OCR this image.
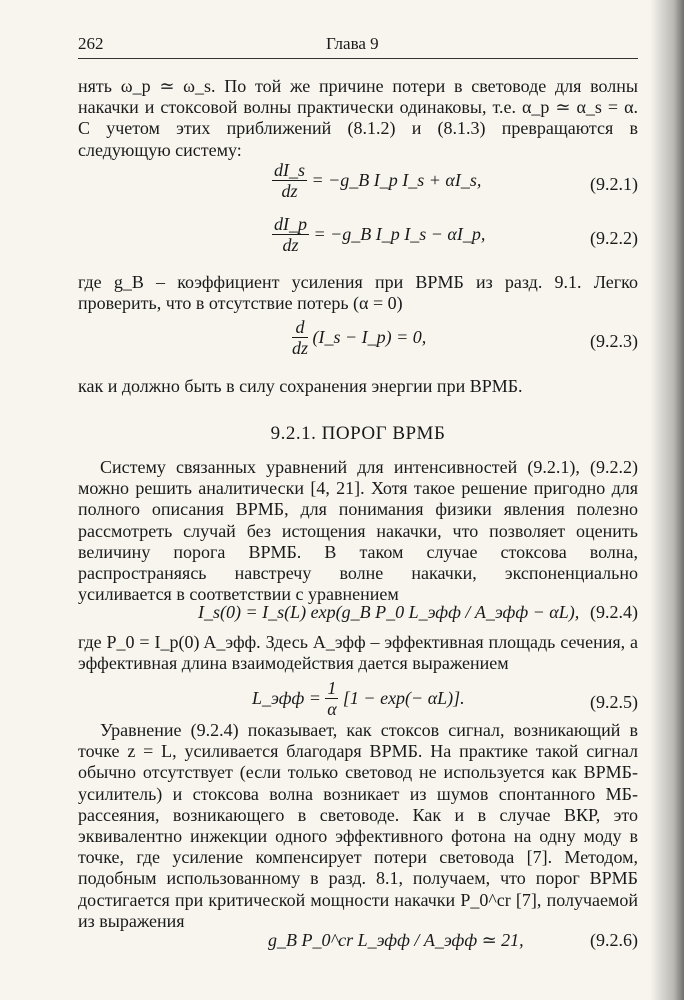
262	Глава 9

нять ω_p ≃ ω_s. По той же причине потери в световоде для волны накачки и стоксовой волны практически одинаковы, т.е. α_p ≃ α_s = α. С учетом этих приближений (8.1.2) и (8.1.3) превращаются в следующую систему:

$\frac{dI\_s}{dz}$ = −g_B I_p I_s + αI_s,	(9.2.1)
$\frac{dI\_p}{dz}$ = −g_B I_p I_s − αI_p,	(9.2.2)

где g_B – коэффициент усиления при ВРМБ из разд. 9.1. Легко проверить, что в отсутствие потерь (α = 0)

$\frac{d}{dz}$ (I_s − I_p) = 0,	(9.2.3)

как и должно быть в силу сохранения энергии при ВРМБ.

9.2.1. ПОРОГ ВРМБ

Систему связанных уравнений для интенсивностей (9.2.1), (9.2.2) можно решить аналитически [4, 21]. Хотя такое решение пригодно для полного описания ВРМБ, для понимания физики явления полезно рассмотреть случай без истощения накачки, что позволяет оценить величину порога ВРМБ. В таком случае стоксова волна, распространяясь навстречу волне накачки, экспоненциально усиливается в соответствии с уравнением

I_s(0) = I_s(L) exp(g_B P_0 L_эфф / A_эфф − αL), (9.2.4)

где P_0 = I_p(0) A_эфф. Здесь A_эфф – эффективная площадь сечения, а эффективная длина взаимодействия дается выражением

L_эфф = $\frac{1}{\alpha} [1 - \exp(- \alpha L)]$.	(9.2.5)

Уравнение (9.2.4) показывает, как стоксов сигнал, возникающий в точке z = L, усиливается благодаря ВРМБ. На практике такой сигнал обычно отсутствует (если только световод не используется как ВРМБ-усилитель) и стоксова волна возникает из шумов спонтанного МБ-рассеяния, возникающего в световоде. Как и в случае ВКР, это эквивалентно инжекции одного эффективного фотона на одну моду в точке, где усиление компенсирует потери световода [7]. Методом, подобным использованному в разд. 8.1, получаем, что порог ВРМБ достигается при критической мощности накачки P_0^cr [7], получаемой из выражения

g_B P_0^cr L_эфф / A_эфф ≃ 21,	(9.2.6)
